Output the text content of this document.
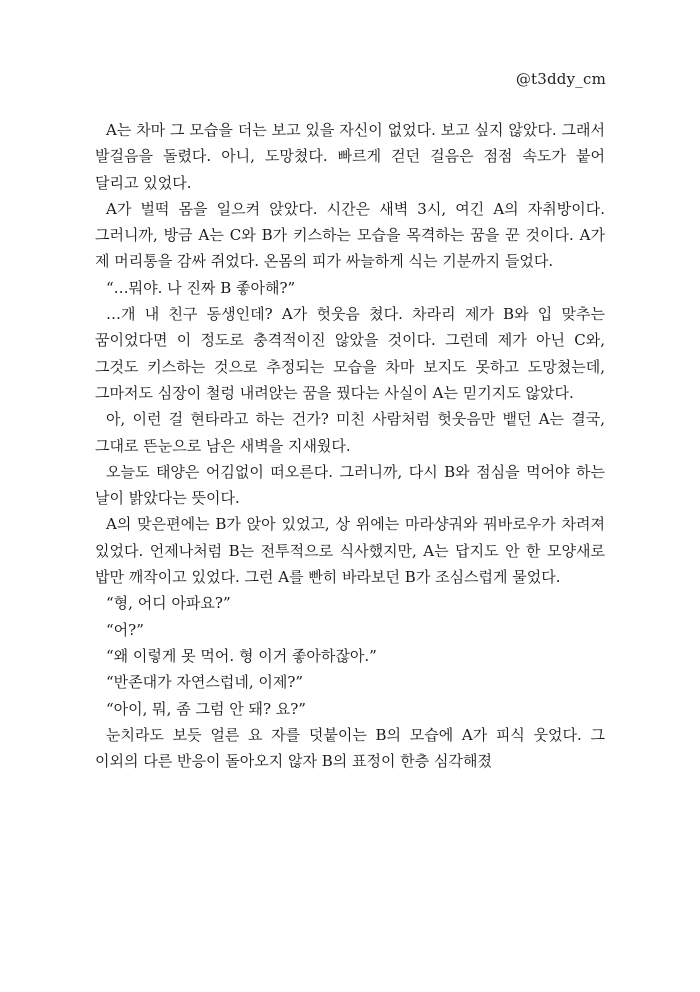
@t3ddy_cm

A는 차마 그 모습을 더는 보고 있을 자신이 없었다. 보고 싶지 않았다. 그래서 발걸음을 돌렸다. 아니, 도망쳤다. 빠르게 걷던 걸음은 점점 속도가 붙어 달리고 있었다.

A가 벌떡 몸을 일으켜 앉았다. 시간은 새벽 3시, 여긴 A의 자취방이다. 그러니까, 방금 A는 C와 B가 키스하는 모습을 목격하는 꿈을 꾼 것이다. A가 제 머리통을 감싸 쥐었다. 온몸의 피가 싸늘하게 식는 기분까지 들었다.

“…뭐야. 나 진짜 B 좋아해?”

…개 내 친구 동생인데? A가 헛웃음 쳤다. 차라리 제가 B와 입 맞추는 꿈이었다면 이 정도로 충격적이진 않았을 것이다. 그런데 제가 아닌 C와, 그것도 키스하는 것으로 추정되는 모습을 차마 보지도 못하고 도망쳤는데, 그마저도 심장이 철렁 내려앉는 꿈을 꿨다는 사실이 A는 믿기지도 않았다.

아, 이런 걸 현타라고 하는 건가? 미친 사람처럼 헛웃음만 뱉던 A는 결국, 그대로 뜬눈으로 남은 새벽을 지새웠다.

오늘도 태양은 어김없이 떠오른다. 그러니까, 다시 B와 점심을 먹어야 하는 날이 밝았다는 뜻이다.

A의 맞은편에는 B가 앉아 있었고, 상 위에는 마라샹궈와 꿔바로우가 차려져 있었다. 언제나처럼 B는 전투적으로 식사했지만, A는 답지도 안 한 모양새로 밥만 깨작이고 있었다. 그런 A를 빤히 바라보던 B가 조심스럽게 물었다.

“형, 어디 아파요?”

“어?”

“왜 이렇게 못 먹어. 형 이거 좋아하잖아.”

“반존대가 자연스럽네, 이제?”

“아이, 뭐, 좀 그럼 안 돼? 요?”

눈치라도 보듯 얼른 요 자를 덧붙이는 B의 모습에 A가 피식 웃었다. 그 이외의 다른 반응이 돌아오지 않자 B의 표정이 한층 심각해졌
